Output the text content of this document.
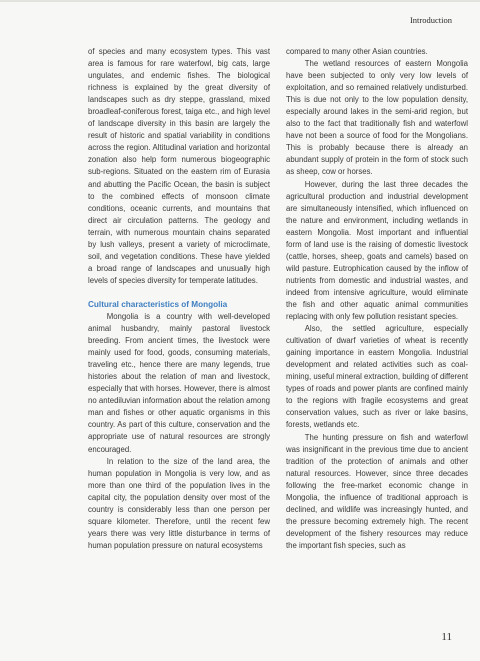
Introduction

of species and many ecosystem types. This vast area is famous for rare waterfowl, big cats, large ungulates, and endemic fishes. The biological richness is explained by the great diversity of landscapes such as dry steppe, grassland, mixed broadleaf-coniferous forest, taiga etc., and high level of landscape diversity in this basin are largely the result of historic and spatial variability in conditions across the region. Altitudinal variation and horizontal zonation also help form numerous biogeographic sub-regions. Situated on the eastern rim of Eurasia and abutting the Pacific Ocean, the basin is subject to the combined effects of monsoon climate conditions, oceanic currents, and mountains that direct air circulation patterns. The geology and terrain, with numerous mountain chains separated by lush valleys, present a variety of microclimate, soil, and vegetation conditions. These have yielded a broad range of landscapes and unusually high levels of species diversity for temperate latitudes.

Cultural characteristics of Mongolia

Mongolia is a country with well-developed animal husbandry, mainly pastoral livestock breeding. From ancient times, the livestock were mainly used for food, goods, consuming materials, traveling etc., hence there are many legends, true histories about the relation of man and livestock, especially that with horses. However, there is almost no antediluvian information about the relation among man and fishes or other aquatic organisms in this country. As part of this culture, conservation and the appropriate use of natural resources are strongly encouraged.

In relation to the size of the land area, the human population in Mongolia is very low, and as more than one third of the population lives in the capital city, the population density over most of the country is considerably less than one person per square kilometer. Therefore, until the recent few years there was very little disturbance in terms of human population pressure on natural ecosystems

compared to many other Asian countries.

The wetland resources of eastern Mongolia have been subjected to only very low levels of exploitation, and so remained relatively undisturbed. This is due not only to the low population density, especially around lakes in the semi-arid region, but also to the fact that traditionally fish and waterfowl have not been a source of food for the Mongolians. This is probably because there is already an abundant supply of protein in the form of stock such as sheep, cow or horses.

However, during the last three decades the agricultural production and industrial development are simultaneously intensified, which influenced on the nature and environment, including wetlands in eastern Mongolia. Most important and influential form of land use is the raising of domestic livestock (cattle, horses, sheep, goats and camels) based on wild pasture. Eutrophication caused by the inflow of nutrients from domestic and industrial wastes, and indeed from intensive agriculture, would eliminate the fish and other aquatic animal communities replacing with only few pollution resistant species.

Also, the settled agriculture, especially cultivation of dwarf varieties of wheat is recently gaining importance in eastern Mongolia. Industrial development and related activities such as coal-mining, useful mineral extraction, building of different types of roads and power plants are confined mainly to the regions with fragile ecosystems and great conservation values, such as river or lake basins, forests, wetlands etc.

The hunting pressure on fish and waterfowl was insignificant in the previous time due to ancient tradition of the protection of animals and other natural resources. However, since three decades following the free-market economic change in Mongolia, the influence of traditional approach is declined, and wildlife was increasingly hunted, and the pressure becoming extremely high. The recent development of the fishery resources may reduce the important fish species, such as

11
